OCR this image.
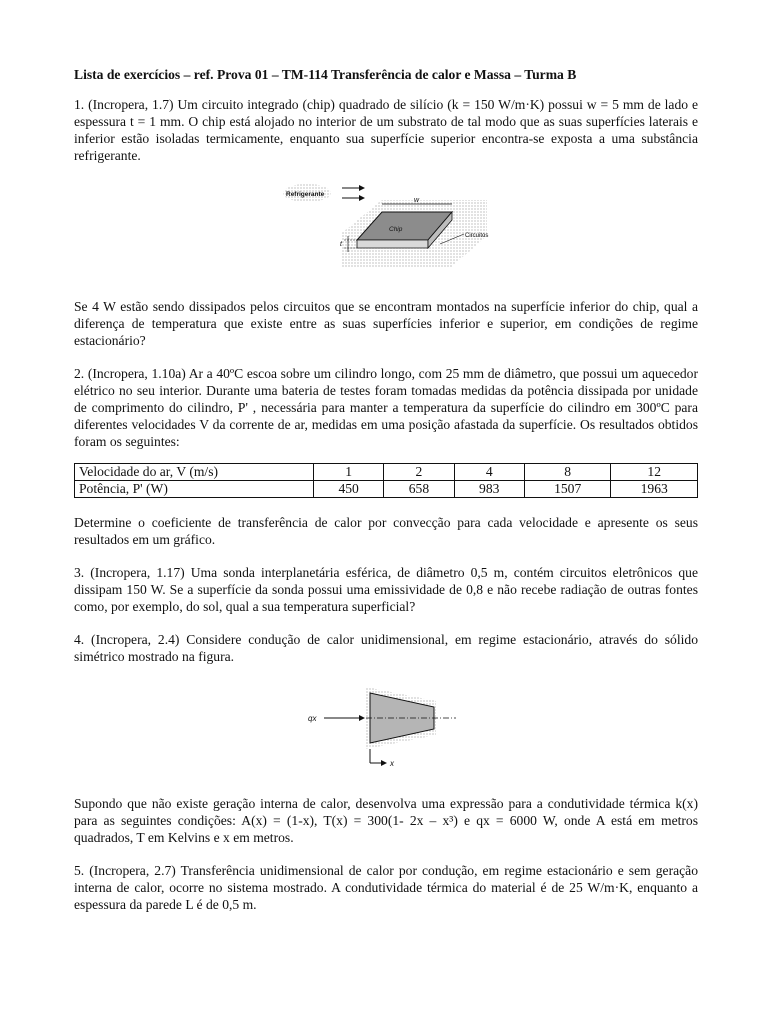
Lista de exercícios – ref. Prova 01 – TM-114 Transferência de calor e Massa – Turma B

1. (Incropera, 1.7) Um circuito integrado (chip) quadrado de silício (k = 150 W/m·K) possui w = 5 mm de lado e espessura t = 1 mm. O chip está alojado no interior de um substrato de tal modo que as suas superfícies laterais e inferior estão isoladas termicamente, enquanto sua superfície superior encontra-se exposta a uma substância refrigerante.

Refrigerante
Chip
w
t
Circuitos

Se 4 W estão sendo dissipados pelos circuitos que se encontram montados na superfície inferior do chip, qual a diferença de temperatura que existe entre as suas superfícies inferior e superior, em condições de regime estacionário?

2. (Incropera, 1.10a) Ar a 40ºC escoa sobre um cilindro longo, com 25 mm de diâmetro, que possui um aquecedor elétrico no seu interior. Durante uma bateria de testes foram tomadas medidas da potência dissipada por unidade de comprimento do cilindro, P' , necessária para manter a temperatura da superfície do cilindro em 300ºC para diferentes velocidades V da corrente de ar, medidas em uma posição afastada da superfície. Os resultados obtidos foram os seguintes:

Velocidade do ar, V (m/s)	1	2	4	8	12
Potência, P' (W)	450	658	983	1507	1963

Determine o coeficiente de transferência de calor por convecção para cada velocidade e apresente os seus resultados em um gráfico.

3. (Incropera, 1.17) Uma sonda interplanetária esférica, de diâmetro 0,5 m, contém circuitos eletrônicos que dissipam 150 W. Se a superfície da sonda possui uma emissividade de 0,8 e não recebe radiação de outras fontes como, por exemplo, do sol, qual a sua temperatura superficial?

4. (Incropera, 2.4) Considere condução de calor unidimensional, em regime estacionário, através do sólido simétrico mostrado na figura.

qx
x

Supondo que não existe geração interna de calor, desenvolva uma expressão para a condutividade térmica k(x) para as seguintes condições: A(x) = (1-x), T(x) = 300(1- 2x – x³) e qx = 6000 W, onde A está em metros quadrados, T em Kelvins e x em metros.

5. (Incropera, 2.7) Transferência unidimensional de calor por condução, em regime estacionário e sem geração interna de calor, ocorre no sistema mostrado. A condutividade térmica do material é de 25 W/m·K, enquanto a espessura da parede L é de 0,5 m.
